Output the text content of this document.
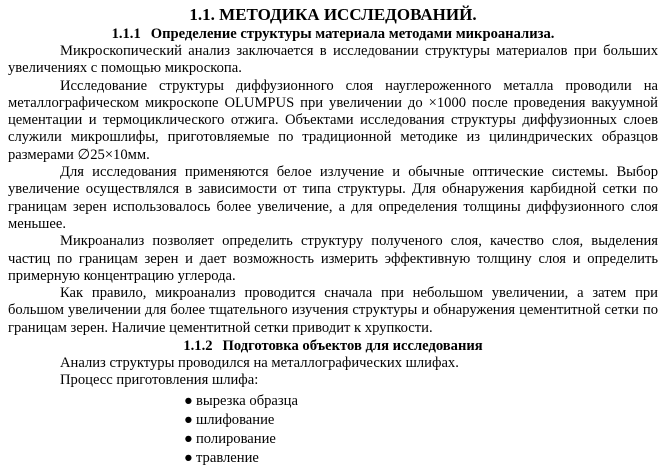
1.1. МЕТОДИКА ИССЛЕДОВАНИЙ.
1.1.1 Определение структуры материала методами микроанализа.

Микроскопический анализ заключается в исследовании структуры материалов при больших увеличениях с помощью микроскопа.

Исследование структуры диффузионного слоя науглероженного металла проводили на металлографическом микроскопе OLUMPUS при увеличении до ×1000 после проведения вакуумной цементации и термоциклического отжига. Объектами исследования структуры диффузионных слоев служили микрошлифы, приготовляемые по традиционной методике из цилиндрических образцов размерами ∅25×10мм.

Для исследования применяются белое излучение и обычные оптические системы. Выбор увеличение осуществлялся в зависимости от типа структуры. Для обнаружения карбидной сетки по границам зерен использовалось более увеличение, а для определения толщины диффузионного слоя меньшее.

Микроанализ позволяет определить структуру полученого слоя, качество слоя, выделения частиц по границам зерен и дает возможность измерить эффективную толщину слоя и определить примерную концентрацию углерода.

Как правило, микроанализ проводится сначала при небольшом увеличении, а затем при большом увеличении для более тщательного изучения структуры и обнаружения цементитной сетки по границам зерен. Наличие цементитной сетки приводит к хрупкости.

1.1.2 Подготовка объектов для исследования

Анализ структуры проводился на металлографических шлифах.

Процесс приготовления шлифа:

● вырезка образца
● шлифование
● полирование
● травление
